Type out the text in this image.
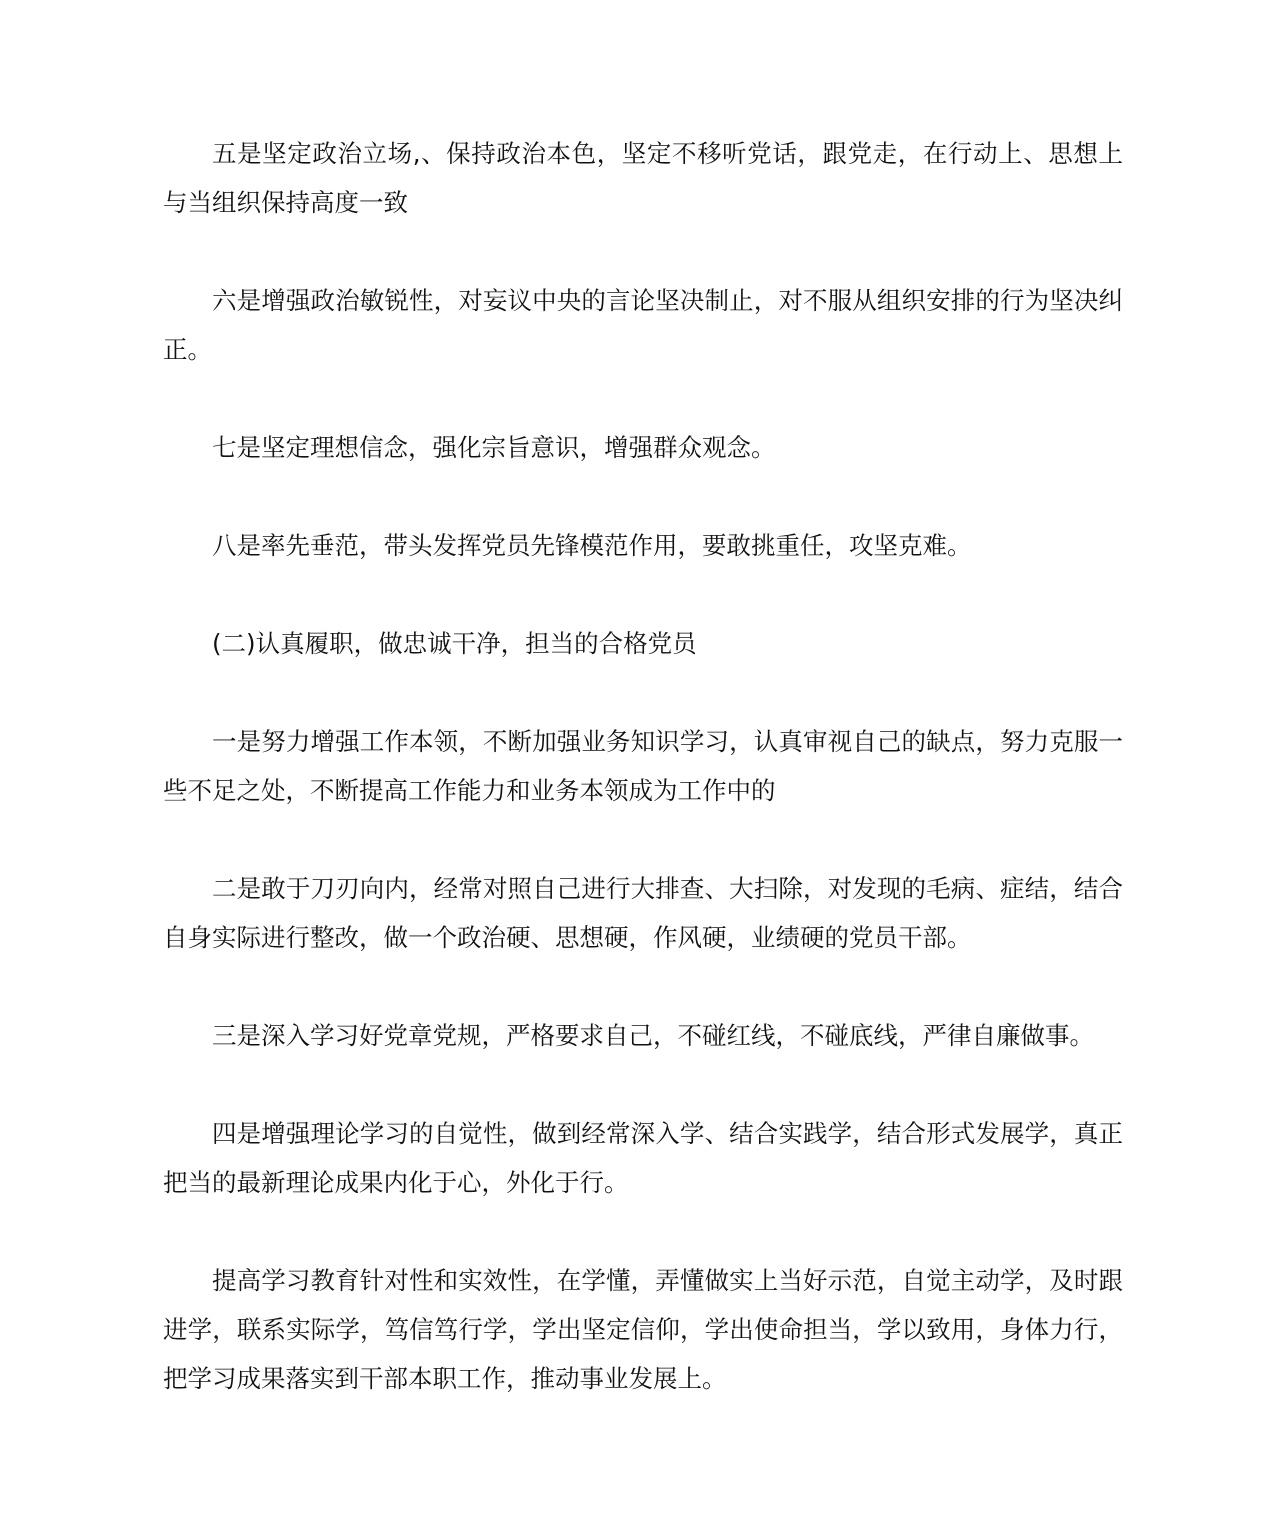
五是坚定政治立场,、保持政治本色，坚定不移听党话，跟党走，在行动上、思想上与当组织保持高度一致

六是增强政治敏锐性，对妄议中央的言论坚决制止，对不服从组织安排的行为坚决纠正。

七是坚定理想信念，强化宗旨意识，增强群众观念。

八是率先垂范，带头发挥党员先锋模范作用，要敢挑重任，攻坚克难。

(二)认真履职，做忠诚干净，担当的合格党员

一是努力增强工作本领，不断加强业务知识学习，认真审视自己的缺点，努力克服一些不足之处，不断提高工作能力和业务本领成为工作中的

二是敢于刀刃向内，经常对照自己进行大排查、大扫除，对发现的毛病、症结，结合自身实际进行整改，做一个政治硬、思想硬，作风硬，业绩硬的党员干部。

三是深入学习好党章党规，严格要求自己，不碰红线，不碰底线，严律自廉做事。

四是增强理论学习的自觉性，做到经常深入学、结合实践学，结合形式发展学，真正把当的最新理论成果内化于心，外化于行。

提高学习教育针对性和实效性，在学懂，弄懂做实上当好示范，自觉主动学，及时跟进学，联系实际学，笃信笃行学，学出坚定信仰，学出使命担当，学以致用，身体力行，把学习成果落实到干部本职工作，推动事业发展上。
